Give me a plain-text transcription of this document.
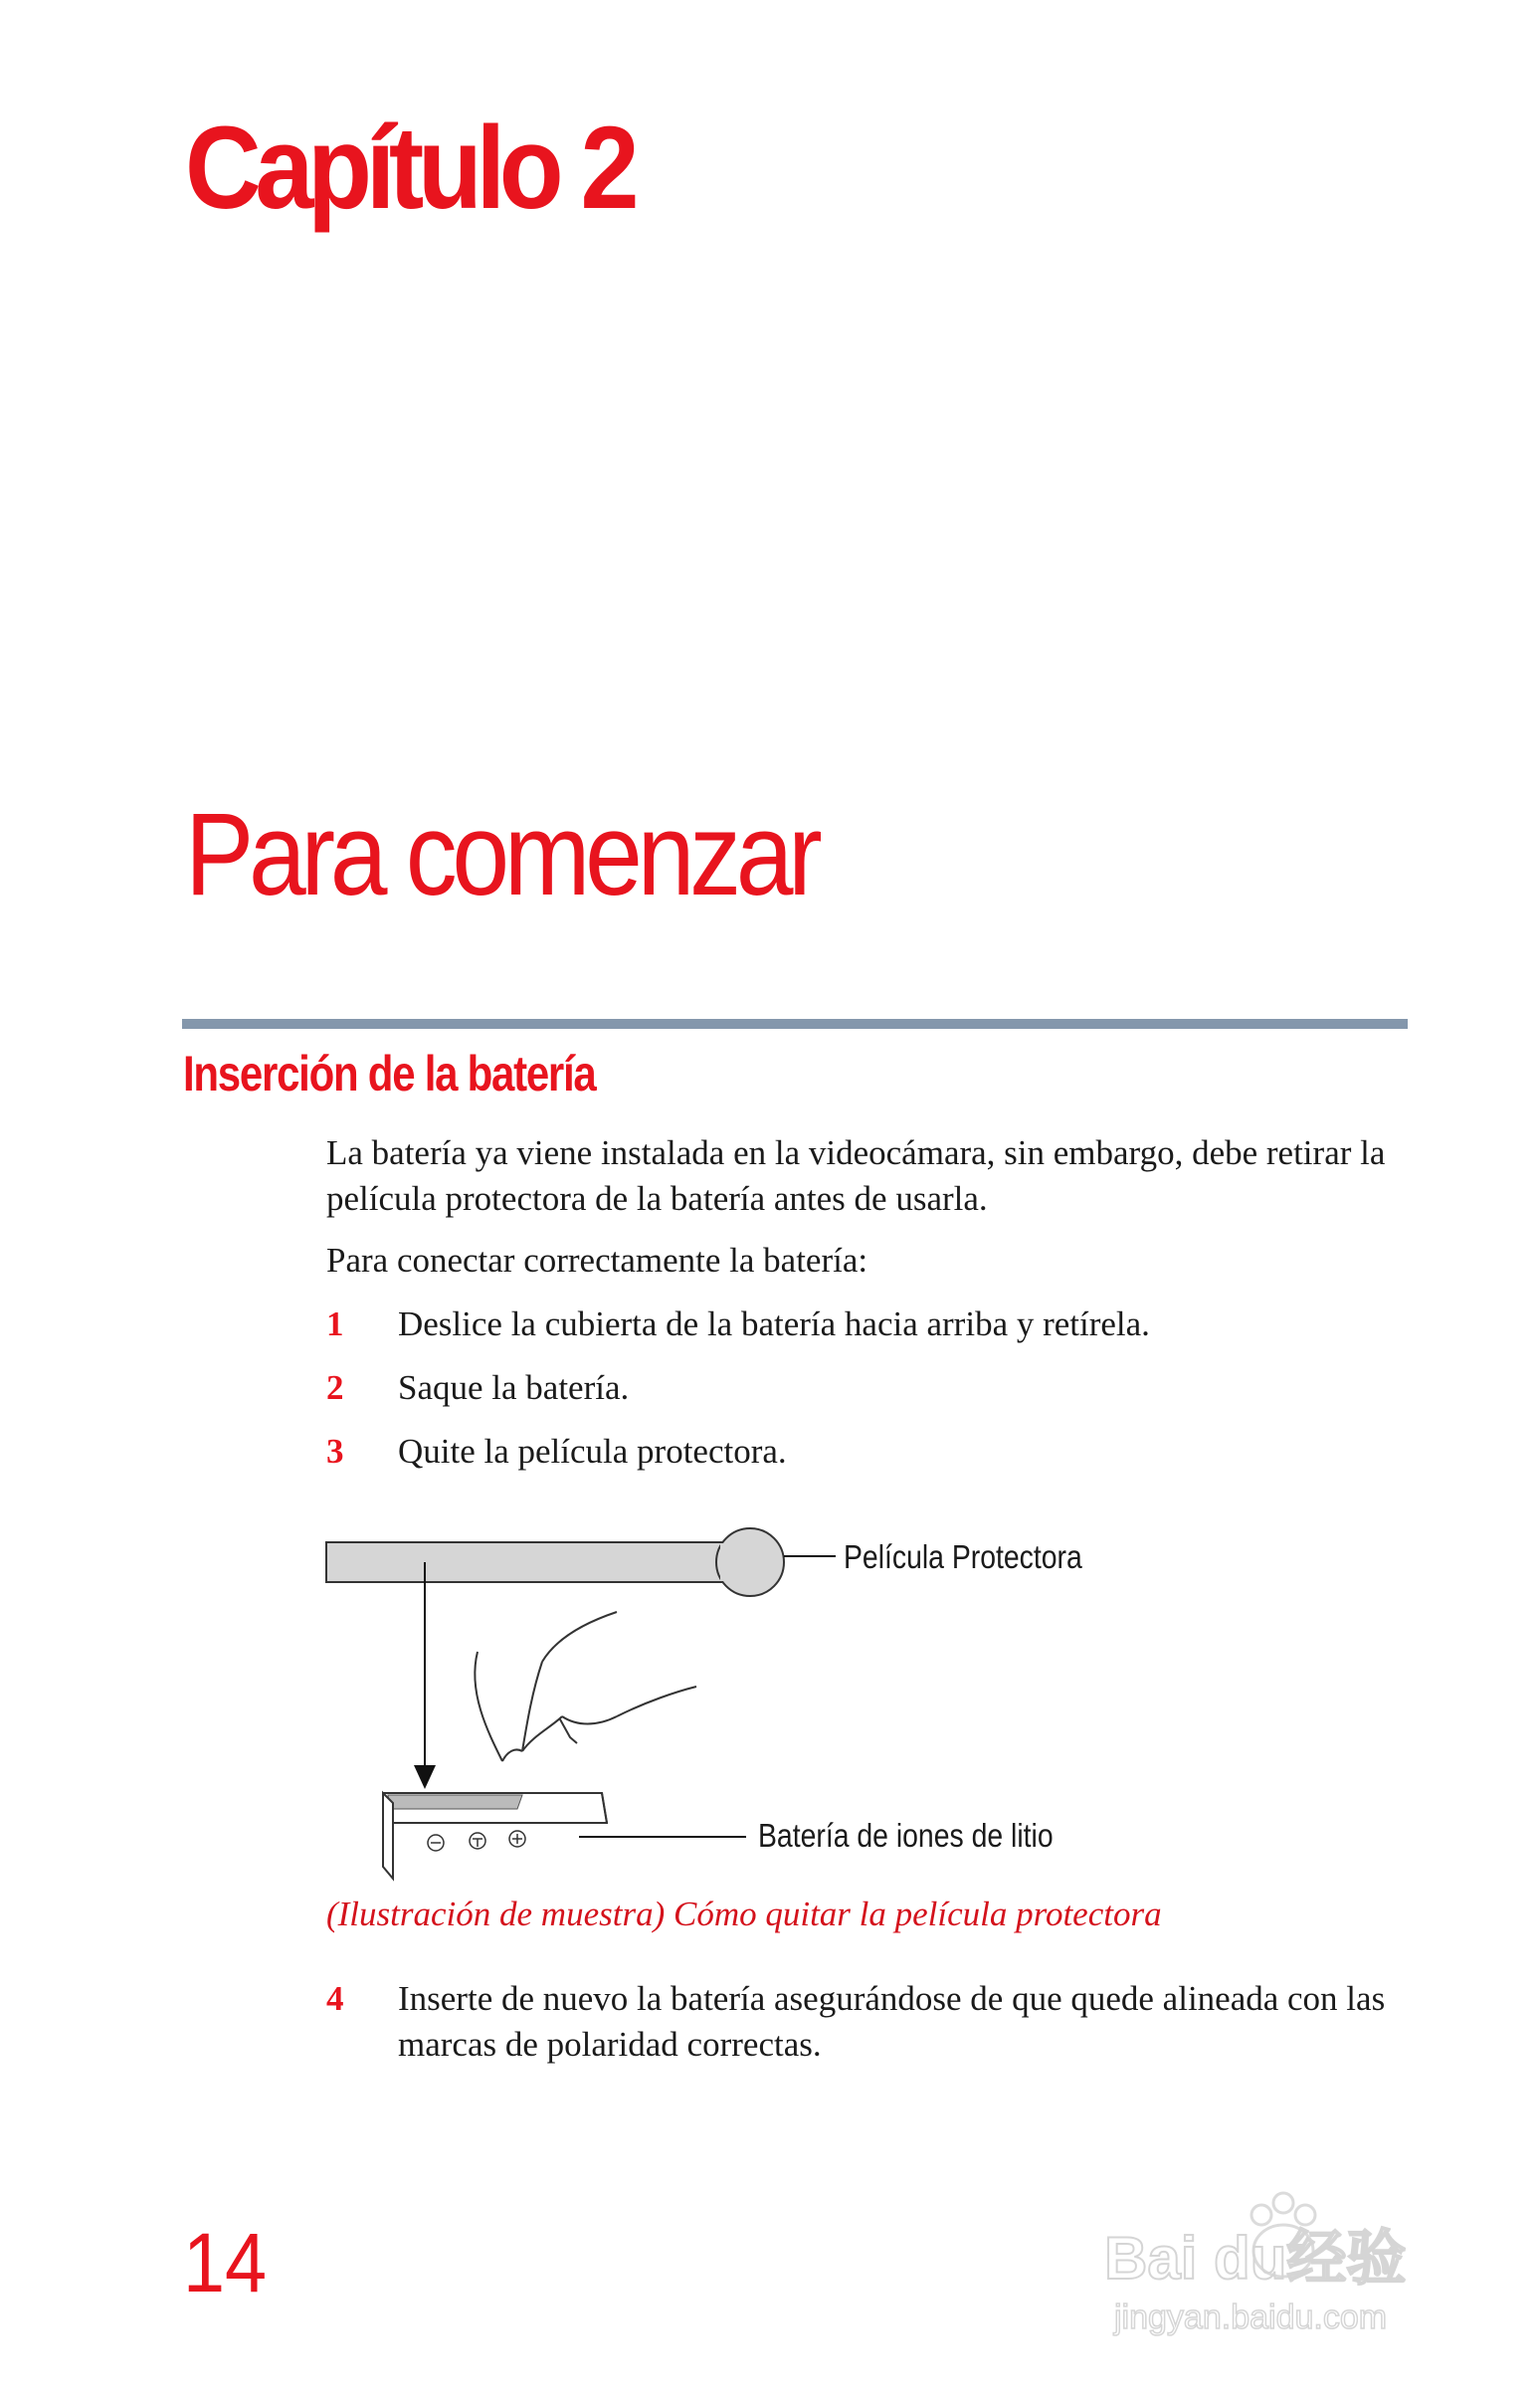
Capítulo 2
Para comenzar
Inserción de la batería

La batería ya viene instalada en la videocámara, sin embargo, debe retirar la película protectora de la batería antes de usarla.

Para conectar correctamente la batería:

1 Deslice la cubierta de la batería hacia arriba y retírela.
2 Saque la batería.
3 Quite la película protectora.
Película Protectora
Batería de iones de litio
(Ilustración de muestra) Cómo quitar la película protectora
4 Inserte de nuevo la batería asegurándose de que quede alineada con las marcas de polaridad correctas.
14	Bai du经验
jingyan.baidu.com
